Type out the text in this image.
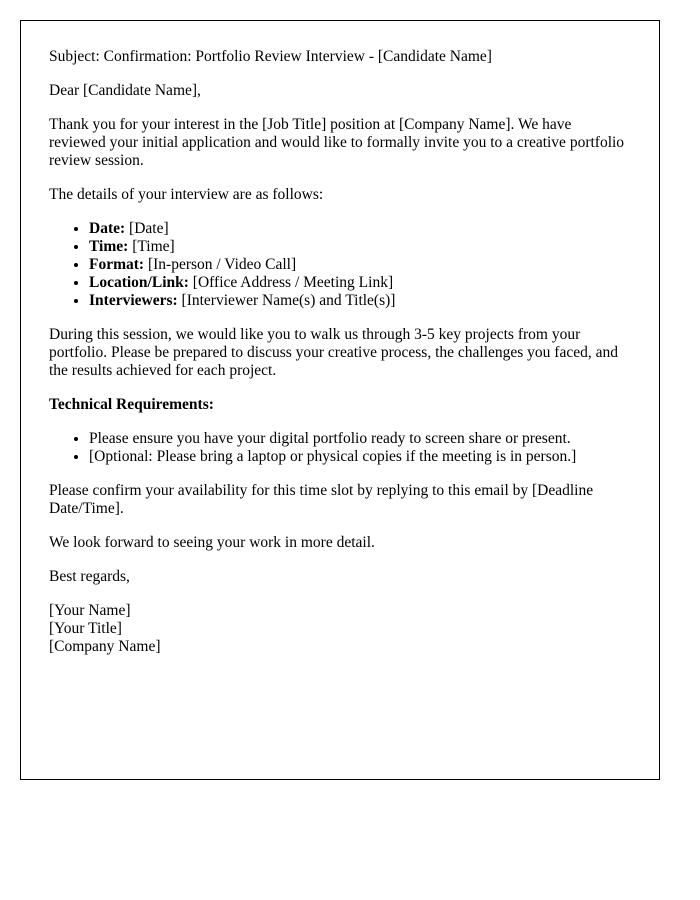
Subject: Confirmation: Portfolio Review Interview - [Candidate Name]

Dear [Candidate Name],

Thank you for your interest in the [Job Title] position at [Company Name]. We have reviewed your initial application and would like to formally invite you to a creative portfolio review session.

The details of your interview are as follows:

• Date: [Date]
• Time: [Time]
• Format: [In-person / Video Call]
• Location/Link: [Office Address / Meeting Link]
• Interviewers: [Interviewer Name(s) and Title(s)]

During this session, we would like you to walk us through 3-5 key projects from your portfolio. Please be prepared to discuss your creative process, the challenges you faced, and the results achieved for each project.

Technical Requirements:

• Please ensure you have your digital portfolio ready to screen share or present.
• [Optional: Please bring a laptop or physical copies if the meeting is in person.]

Please confirm your availability for this time slot by replying to this email by [Deadline Date/Time].

We look forward to seeing your work in more detail.

Best regards,

[Your Name]

[Your Title]

[Company Name]
